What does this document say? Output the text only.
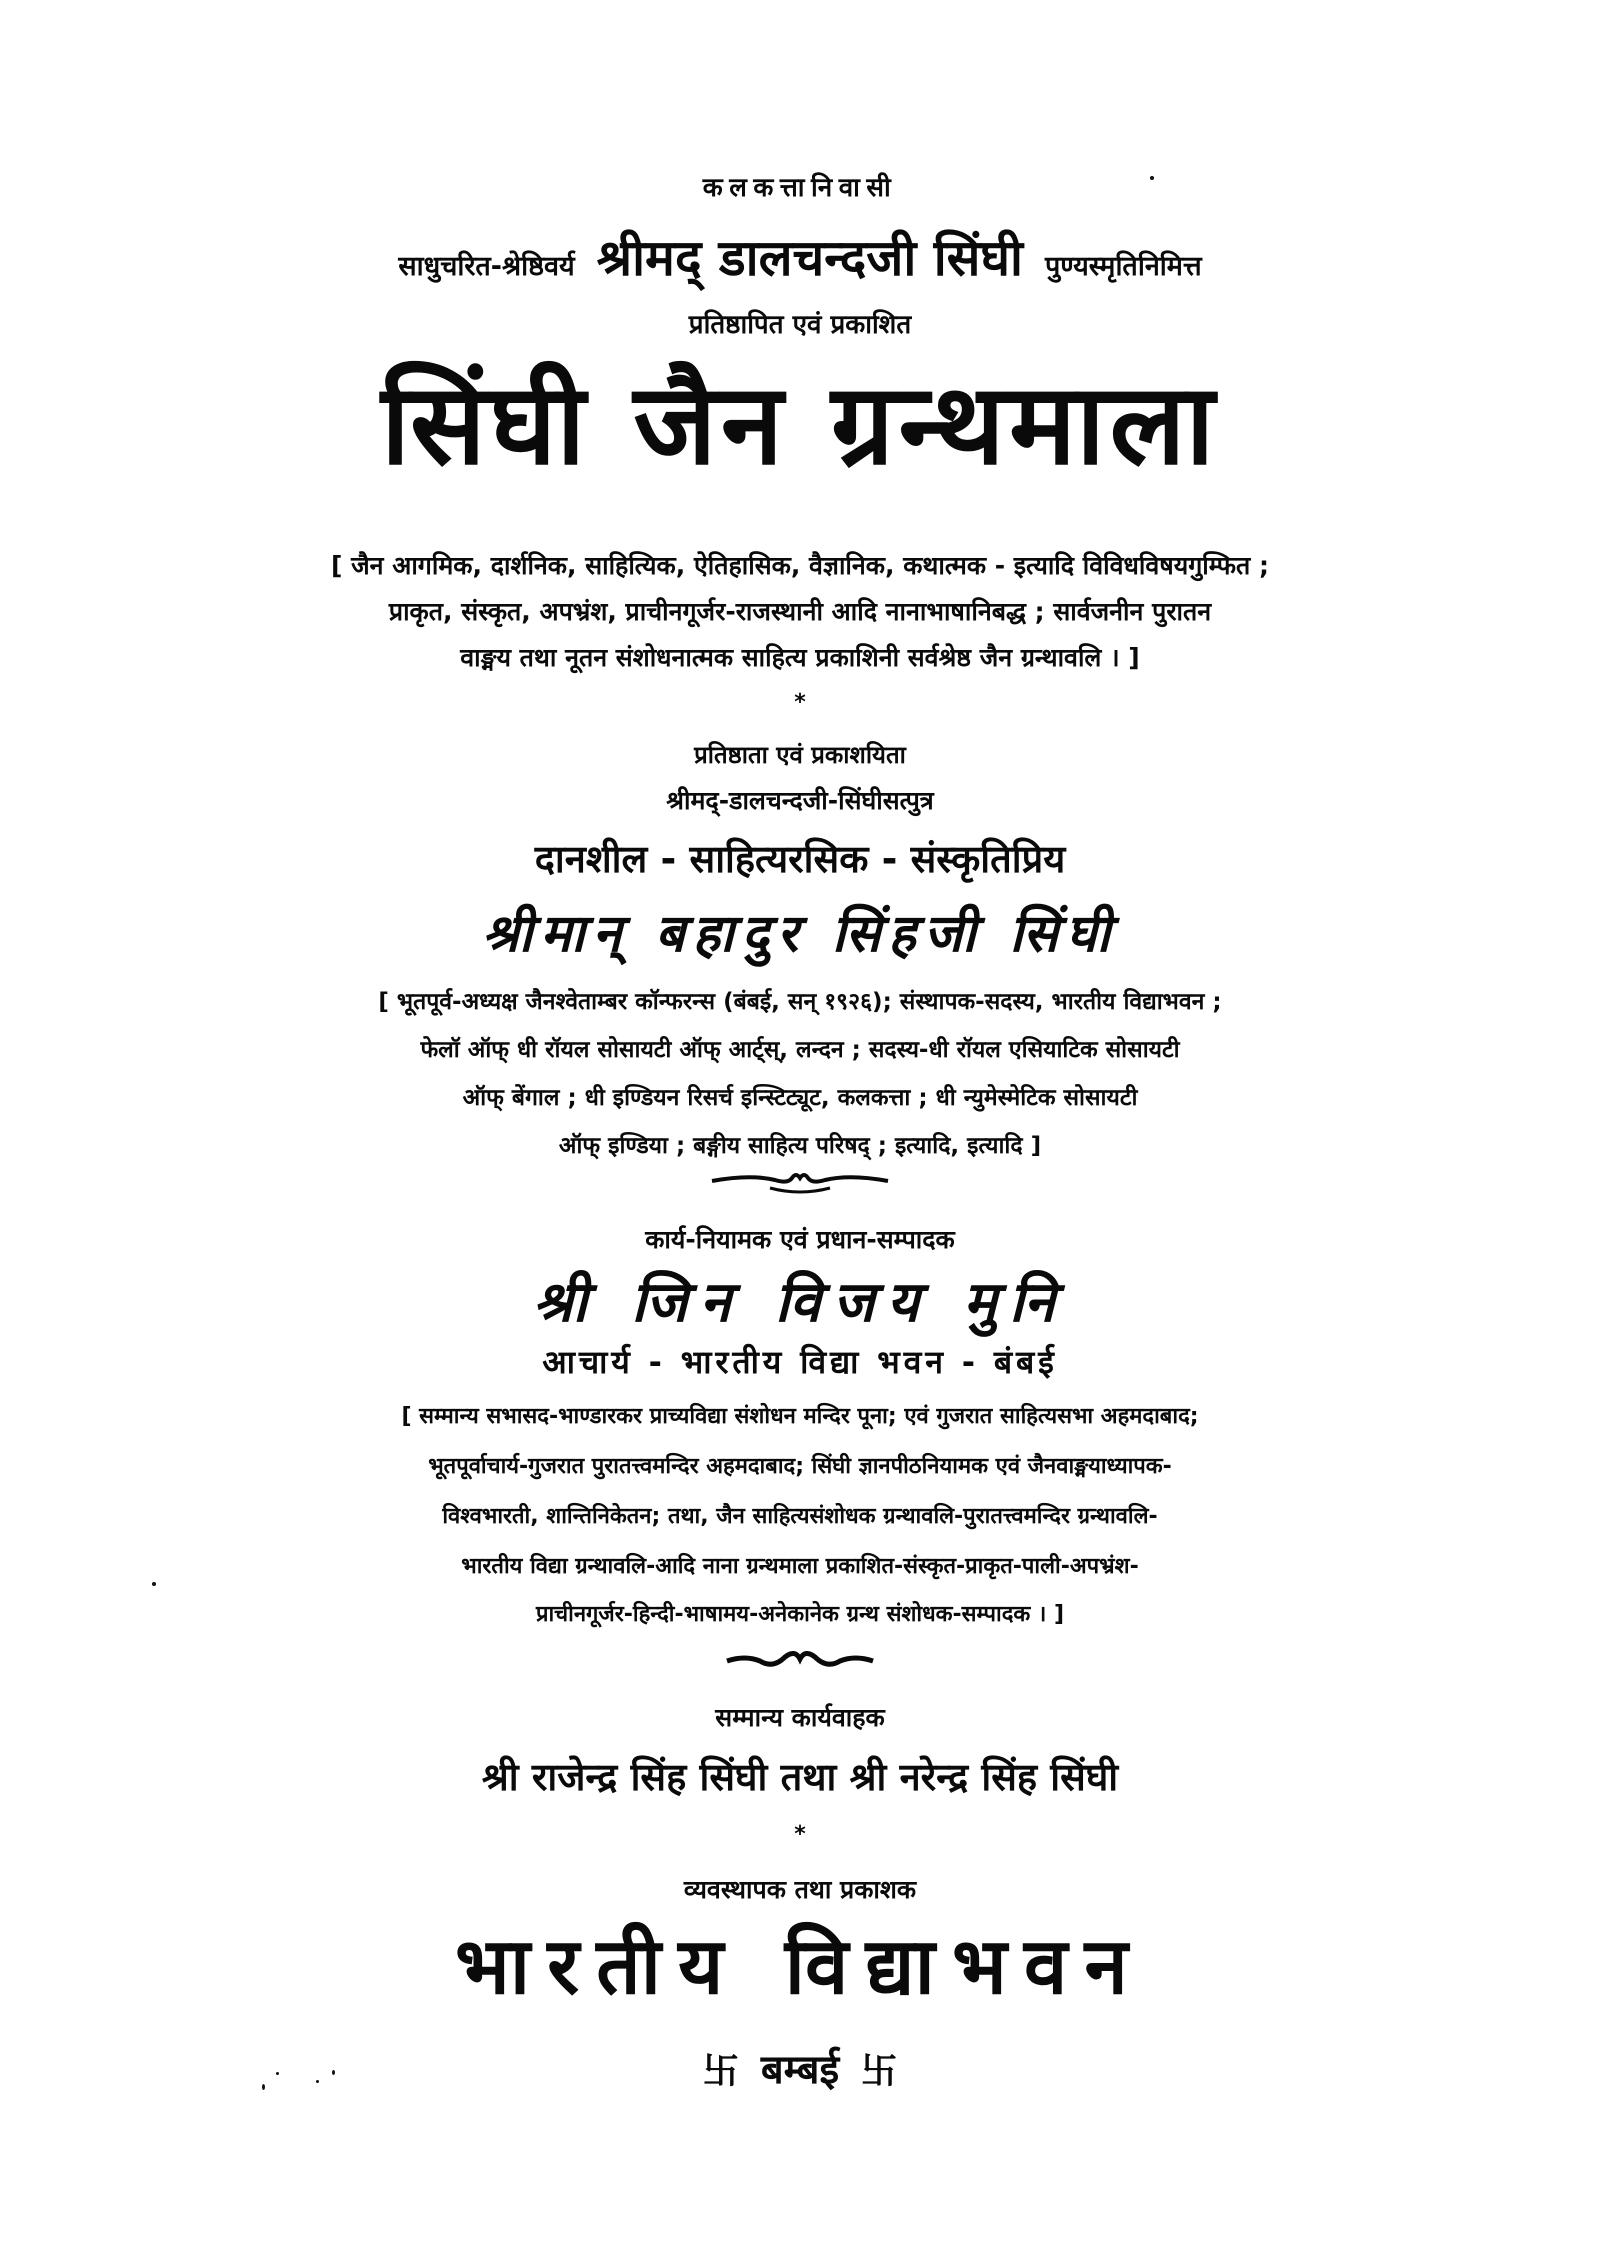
कलकत्तानिवासी
साधुचरित-श्रेष्ठिवर्य श्रीमद् डालचन्दजी सिंघी पुण्यस्मृतिनिमित्त
प्रतिष्ठापित एवं प्रकाशित
सिंघी जैन ग्रन्थमाला
[ जैन आगमिक, दार्शनिक, साहित्यिक, ऐतिहासिक, वैज्ञानिक, कथात्मक - इत्यादि विविधविषयगुम्फित ;
प्राकृत, संस्कृत, अपभ्रंश, प्राचीनगूर्जर-राजस्थानी आदि नानाभाषानिबद्ध ; सार्वजनीन पुरातन
वाङ्मय तथा नूतन संशोधनात्मक साहित्य प्रकाशिनी सर्वश्रेष्ठ जैन ग्रन्थावलि । ]
*
प्रतिष्ठाता एवं प्रकाशयिता
श्रीमद्-डालचन्दजी-सिंघीसत्पुत्र
दानशील - साहित्यरसिक - संस्कृतिप्रिय
श्रीमान् बहादुर सिंहजी सिंघी
[ भूतपूर्व-अध्यक्ष जैनश्वेताम्बर कॉन्फरन्स (बंबई, सन् १९२६); संस्थापक-सदस्य, भारतीय विद्याभवन ;
फेलॉ ऑफ् धी रॉयल सोसायटी ऑफ् आर्ट्स्, लन्दन ; सदस्य-धी रॉयल एसियाटिक सोसायटी
ऑफ् बेंगाल ; धी इण्डियन रिसर्च इन्स्टिट्यूट, कलकत्ता ; धी न्युमेस्मेटिक सोसायटी
ऑफ् इण्डिया ; बङ्गीय साहित्य परिषद् ; इत्यादि, इत्यादि ]
कार्य-नियामक एवं प्रधान-सम्पादक
श्री जिन विजय मुनि
आचार्य - भारतीय विद्या भवन - बंबई
[ सम्मान्य सभासद-भाण्डारकर प्राच्यविद्या संशोधन मन्दिर पूना; एवं गुजरात साहित्यसभा अहमदाबाद;
भूतपूर्वाचार्य-गुजरात पुरातत्त्वमन्दिर अहमदाबाद; सिंघी ज्ञानपीठनियामक एवं जैनवाङ्मयाध्यापक-
विश्वभारती, शान्तिनिकेतन; तथा, जैन साहित्यसंशोधक ग्रन्थावलि-पुरातत्त्वमन्दिर ग्रन्थावलि-
भारतीय विद्या ग्रन्थावलि-आदि नाना ग्रन्थमाला प्रकाशित-संस्कृत-प्राकृत-पाली-अपभ्रंश-
प्राचीनगूर्जर-हिन्दी-भाषामय-अनेकानेक ग्रन्थ संशोधक-सम्पादक । ]
सम्मान्य कार्यवाहक
श्री राजेन्द्र सिंह सिंघी तथा श्री नरेन्द्र सिंह सिंघी
*
व्यवस्थापक तथा प्रकाशक
भारतीय विद्याभवन
卐 बम्बई 卐
